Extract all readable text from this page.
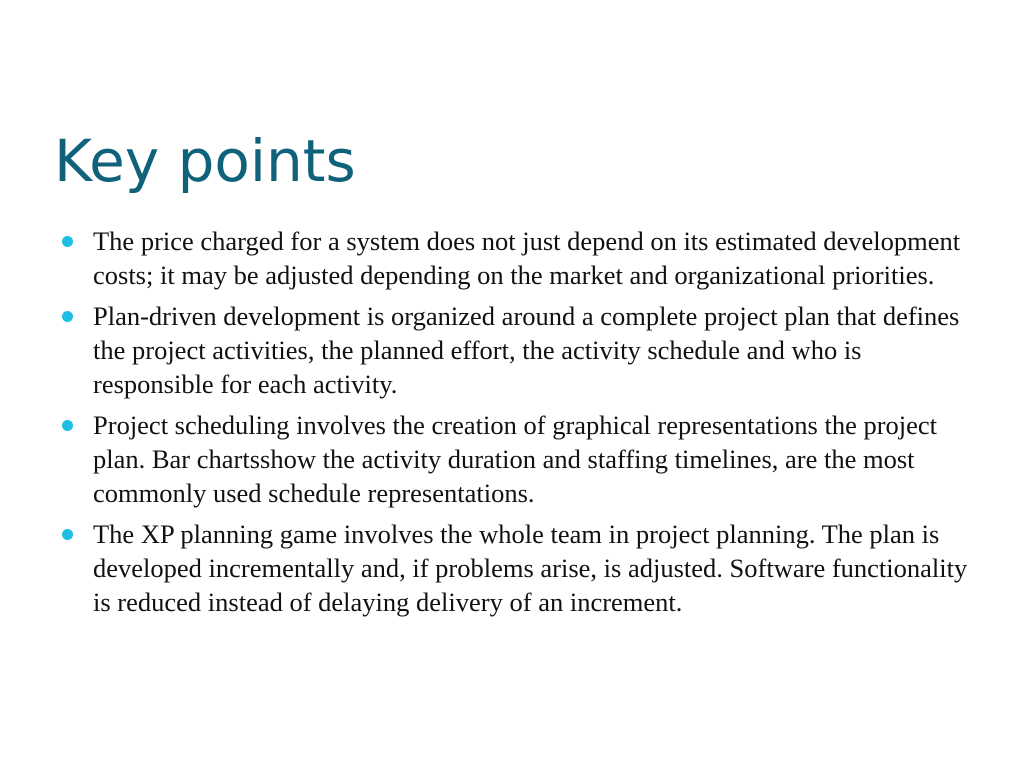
Key points
The price charged for a system does not just depend on its estimated development costs; it may be adjusted depending on the market and organizational priorities.
Plan-driven development is organized around a complete project plan that defines the project activities, the planned effort, the activity schedule and who is responsible for each activity.
Project scheduling involves the creation of graphical representations the project plan. Bar chartsshow the activity duration and staffing timelines, are the most commonly used schedule representations.
The XP planning game involves the whole team in project planning. The plan is developed incrementally and, if problems arise, is adjusted. Software functionality is reduced instead of delaying delivery of an increment.
